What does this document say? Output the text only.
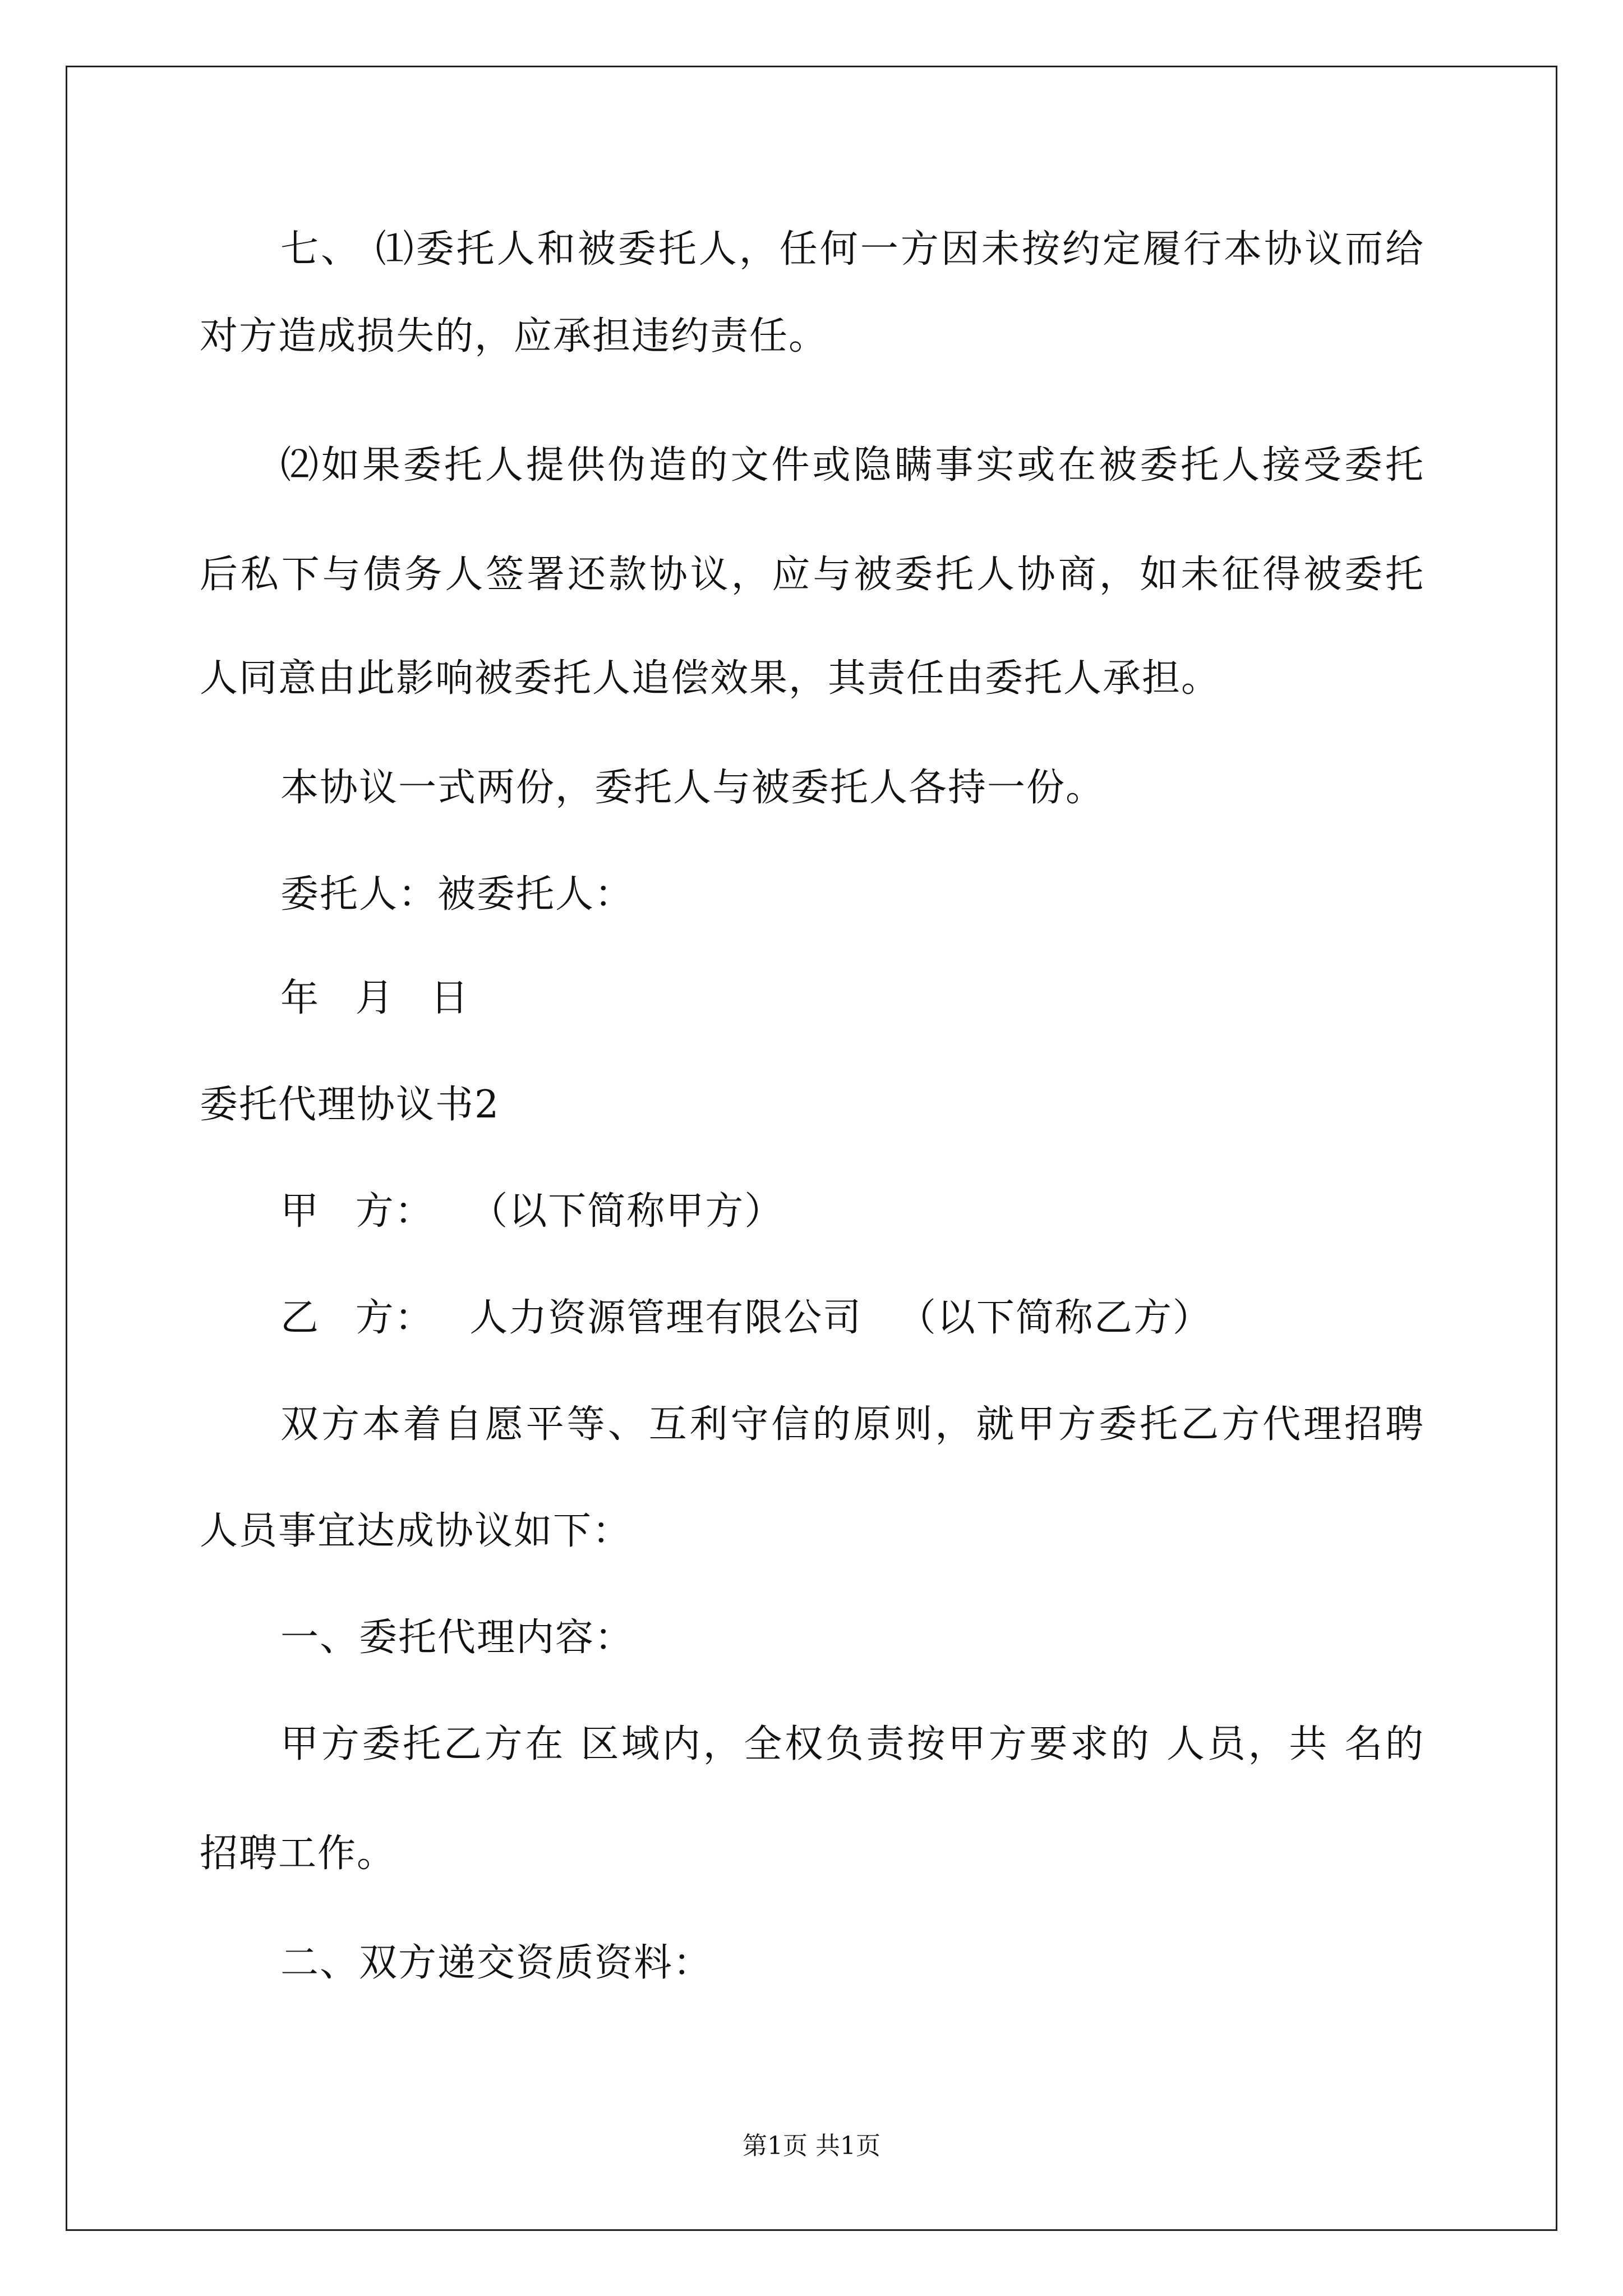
七、 ⑴委托人和被委托人，任何一方因未按约定履行本协议而给
对方造成损失的，应承担违约责任。
⑵如果委托人提供伪造的文件或隐瞒事实或在被委托人接受委托
后私下与债务人签署还款协议，应与被委托人协商，如未征得被委托
人同意由此影响被委托人追偿效果，其责任由委托人承担。
本协议一式两份，委托人与被委托人各持一份。
委托人：被委托人：
年 月 日
委托代理协议书2
甲 方： （以下简称甲方）
乙 方： 人力资源管理有限公司 （以下简称乙方）
双方本着自愿平等、互利守信的原则，就甲方委托乙方代理招聘
人员事宜达成协议如下：
一、委托代理内容：
甲方委托乙方在 区域内，全权负责按甲方要求的 人员，共 名的
招聘工作。
二、双方递交资质资料：
第1页 共1页
